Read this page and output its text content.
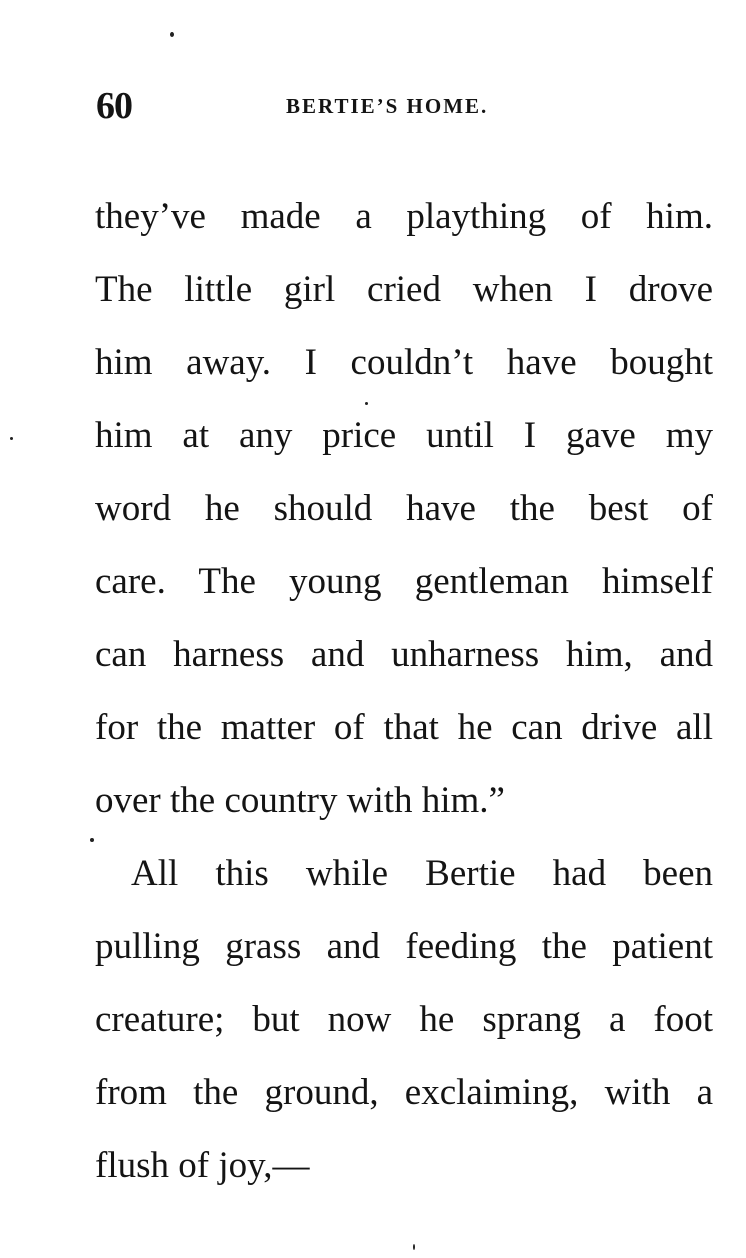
60	BERTIE’S HOME.
they’ve made a plaything of him.
The little girl cried when I drove
him away. I couldn’t have bought
him at any price until I gave my
word he should have the best of
care. The young gentleman himself
can harness and unharness him, and
for the matter of that he can drive all
over the country with him.”
All this while Bertie had been
pulling grass and feeding the patient
creature; but now he sprang a foot
from the ground, exclaiming, with a
flush of joy,—
